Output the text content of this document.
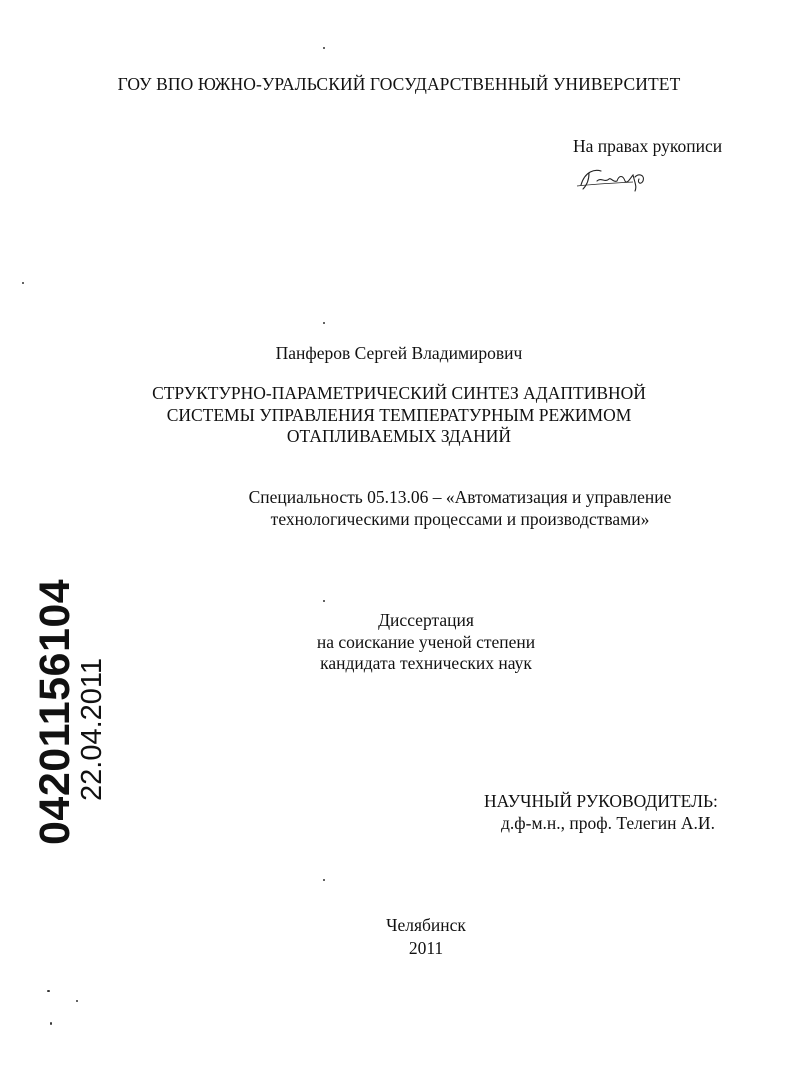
ГОУ ВПО ЮЖНО-УРАЛЬСКИЙ ГОСУДАРСТВЕННЫЙ УНИВЕРСИТЕТ
На правах рукописи
Панферов Сергей Владимирович
СТРУКТУРНО-ПАРАМЕТРИЧЕСКИЙ СИНТЕЗ АДАПТИВНОЙ
СИСТЕМЫ УПРАВЛЕНИЯ ТЕМПЕРАТУРНЫМ РЕЖИМОМ
ОТАПЛИВАЕМЫХ ЗДАНИЙ
Специальность 05.13.06 – «Автоматизация и управление
технологическими процессами и производствами»
Диссертация
на соискание ученой степени
кандидата технических наук
НАУЧНЫЙ РУКОВОДИТЕЛЬ:
д.ф-м.н., проф. Телегин А.И.
Челябинск
2011
04201156104
22.04.2011
